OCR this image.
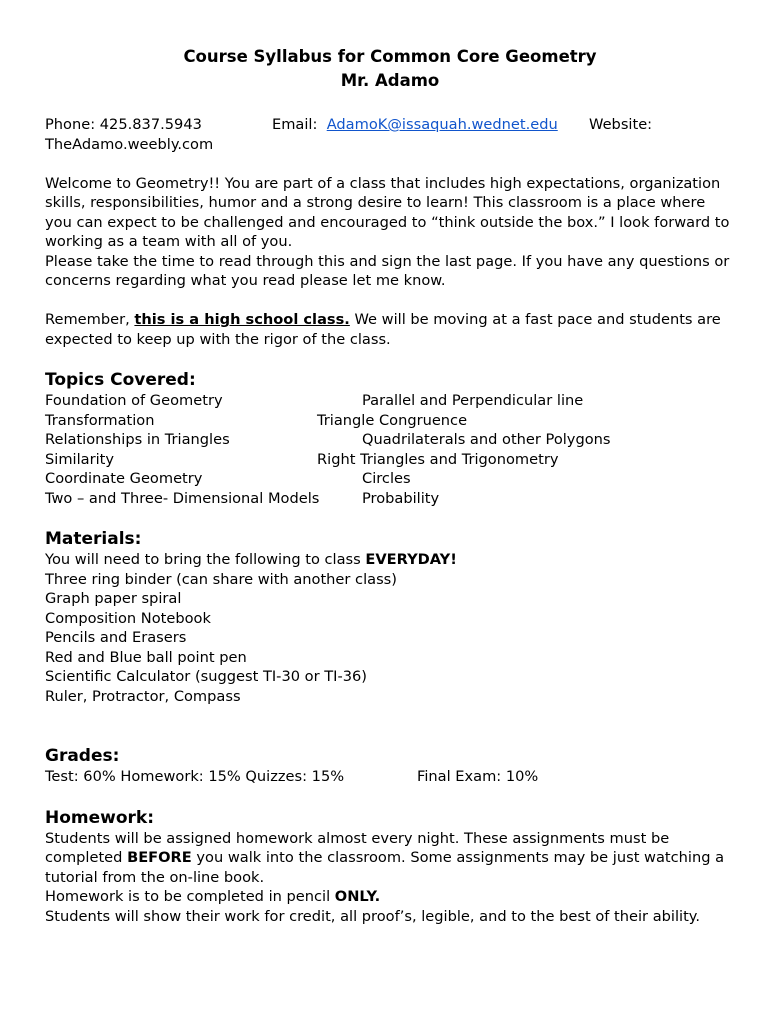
Course Syllabus for Common Core Geometry

Mr. Adamo

Phone: 425.837.5943	Email: AdamoK@issaquah.wednet.edu Website:
TheAdamo.weebly.com

Welcome to Geometry!! You are part of a class that includes high expectations, organization skills, responsibilities, humor and a strong desire to learn! This classroom is a place where you can expect to be challenged and encouraged to “think outside the box.” I look forward to working as a team with all of you.

Please take the time to read through this and sign the last page. If you have any questions or concerns regarding what you read please let me know.

Remember, this is a high school class. We will be moving at a fast pace and students are expected to keep up with the rigor of the class.

Topics Covered:
Foundation of Geometry	Parallel and Perpendicular line
Transformation	Triangle Congruence
Relationships in Triangles	Quadrilaterals and other Polygons
Similarity	Right Triangles and Trigonometry
Coordinate Geometry	Circles
Two – and Three- Dimensional Models	Probability
Materials:

You will need to bring the following to class EVERYDAY!

Three ring binder (can share with another class)

Graph paper spiral

Composition Notebook

Pencils and Erasers

Red and Blue ball point pen

Scientific Calculator (suggest TI-30 or TI-36)

Ruler, Protractor, Compass

Grades:
Test: 60% Homework: 15% Quizzes: 15%	Final Exam: 10%
Homework:

Students will be assigned homework almost every night. These assignments must be completed BEFORE you walk into the classroom. Some assignments may be just watching a tutorial from the on-line book.

Homework is to be completed in pencil ONLY.

Students will show their work for credit, all proof’s, legible, and to the best of their ability.
